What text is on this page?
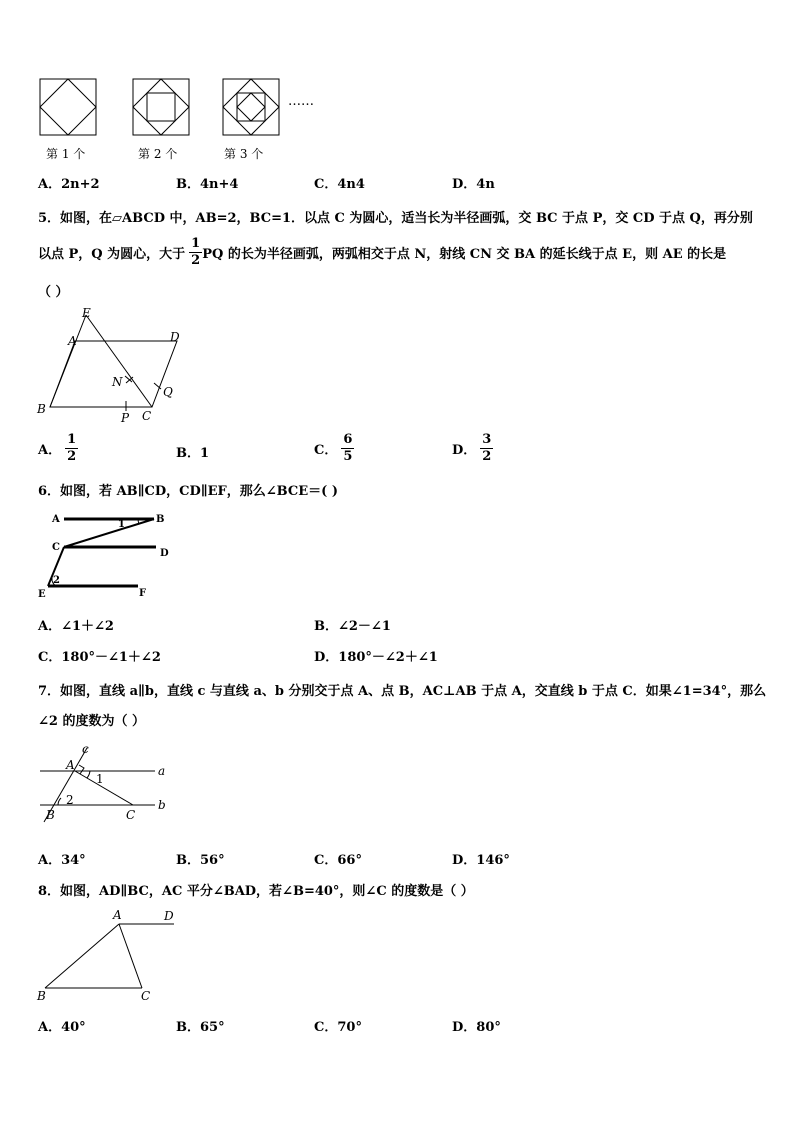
……
第 1 个	第 2 个	第 3 个
A．2n+2	B．4n+4	C．4n4	D．4n
5．如图，在▱ABCD 中，AB=2，BC=1．以点 C 为圆心，适当长为半径画弧，交 BC 于点 P，交 CD 于点 Q，再分别
以点 P，Q 为圆心，大于 $\frac{1}{2}$ PQ 的长为半径画弧，两弧相交于点 N，射线 CN 交 BA 的延长线于点 E，则 AE 的长是
（ ）
E
A	D
N
Q
B
P C
A． $\frac{1}{2}$	B．1	C． $\frac{6}{5}$	D． $\frac{3}{2}$
6．如图，若 AB∥CD，CD∥EF，那么∠BCE＝( )
A	B
C
D
E	F
1
2
A．∠1＋∠2	B．∠2－∠1
C．180°－∠1＋∠2	D．180°－∠2＋∠1
7．如图，直线 a∥b，直线 c 与直线 a、b 分别交于点 A、点 B，AC⊥AB 于点 A，交直线 b 于点 C．如果∠1=34°，那么
∠2 的度数为（ ）
c
A
1
a
2	b
B	C
A．34°	B．56°	C．66°	D．146°
8．如图，AD∥BC，AC 平分∠BAD，若∠B=40°，则∠C 的度数是（ ）
A	D
B	C
A．40°	B．65°	C．70°	D．80°
